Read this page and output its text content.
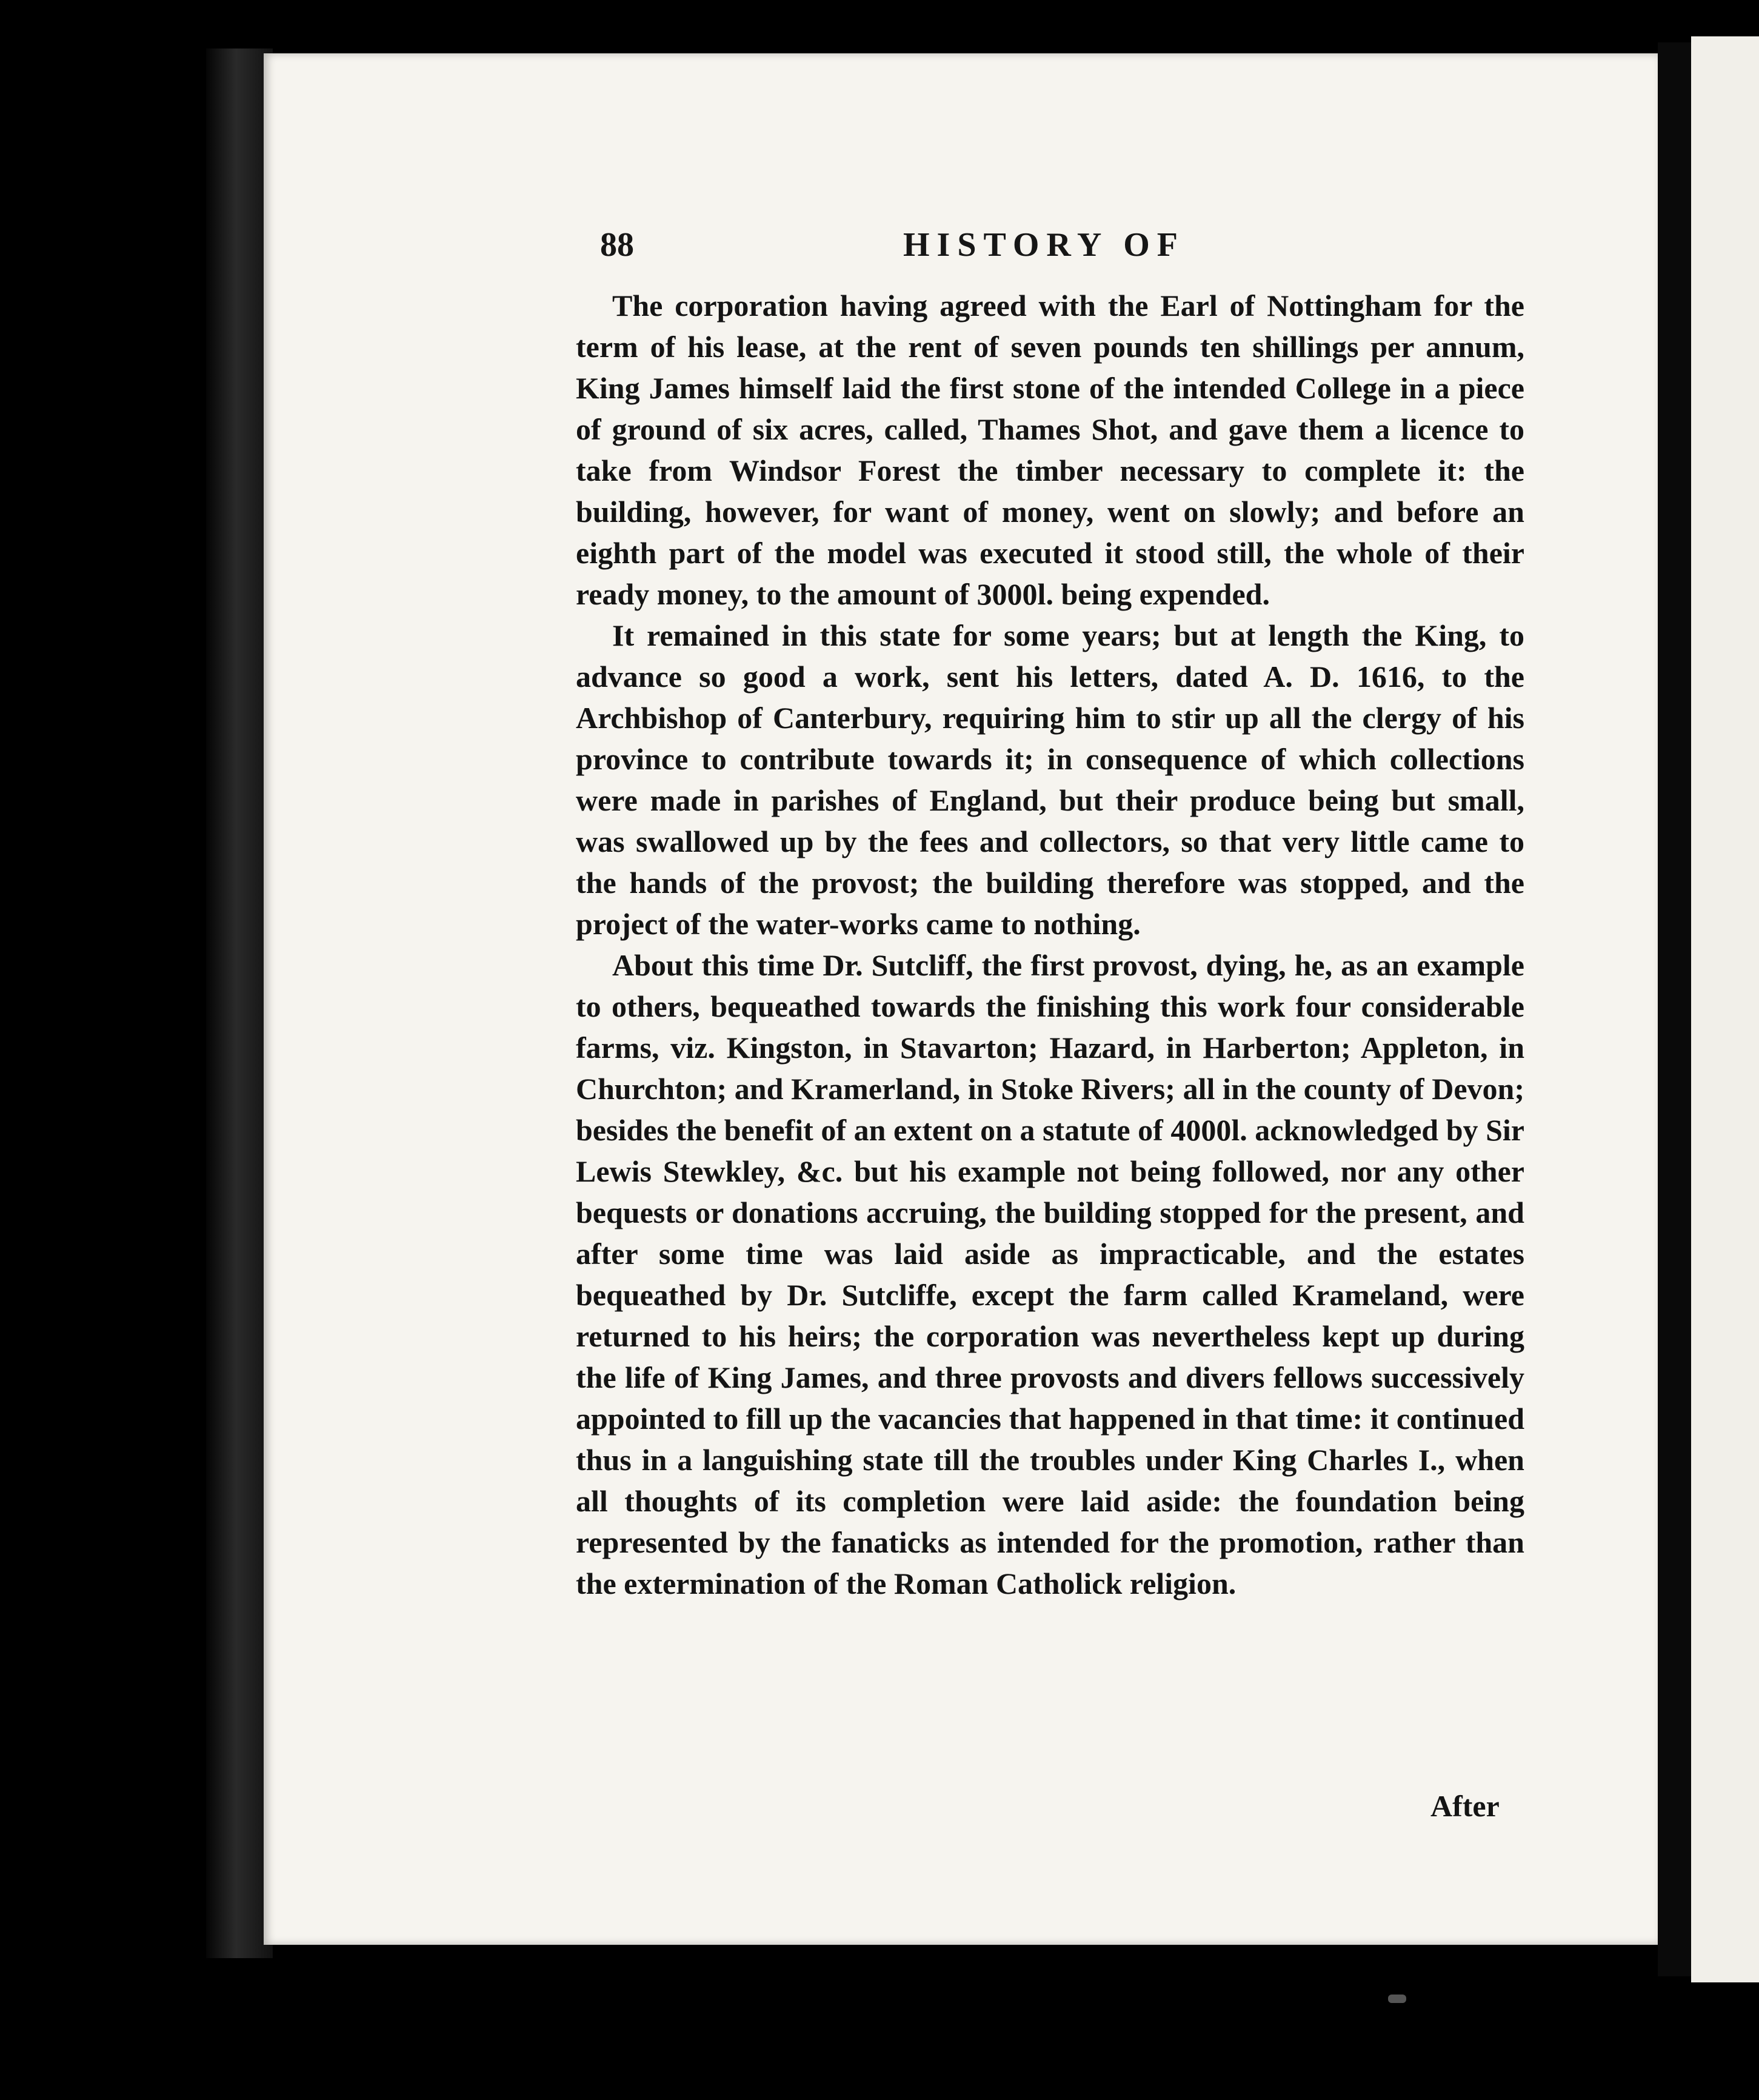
88	HISTORY OF

The corporation having agreed with the Earl of Nottingham for the term of his lease, at the rent of seven pounds ten shillings per annum, King James himself laid the first stone of the intended College in a piece of ground of six acres, called, Thames Shot, and gave them a licence to take from Windsor Forest the timber necessary to complete it: the building, however, for want of money, went on slowly; and before an eighth part of the model was executed it stood still, the whole of their ready money, to the amount of 3000l. being expended.

It remained in this state for some years; but at length the King, to advance so good a work, sent his letters, dated A. D. 1616, to the Archbishop of Canterbury, requiring him to stir up all the clergy of his province to contribute towards it; in consequence of which collections were made in parishes of England, but their produce being but small, was swallowed up by the fees and collectors, so that very little came to the hands of the provost; the building therefore was stopped, and the project of the water-works came to nothing.

About this time Dr. Sutcliff, the first provost, dying, he, as an example to others, bequeathed towards the finishing this work four considerable farms, viz. Kingston, in Stavarton; Hazard, in Harberton; Appleton, in Churchton; and Kramerland, in Stoke Rivers; all in the county of Devon; besides the benefit of an extent on a statute of 4000l. acknowledged by Sir Lewis Stewkley, &c. but his example not being followed, nor any other bequests or donations accruing, the building stopped for the present, and after some time was laid aside as impracticable, and the estates bequeathed by Dr. Sutcliffe, except the farm called Krameland, were returned to his heirs; the corporation was nevertheless kept up during the life of King James, and three provosts and divers fellows successively appointed to fill up the vacancies that happened in that time: it continued thus in a languishing state till the troubles under King Charles I., when all thoughts of its completion were laid aside: the foundation being represented by the fanaticks as intended for the promotion, rather than the extermination of the Roman Catholick religion.

After
